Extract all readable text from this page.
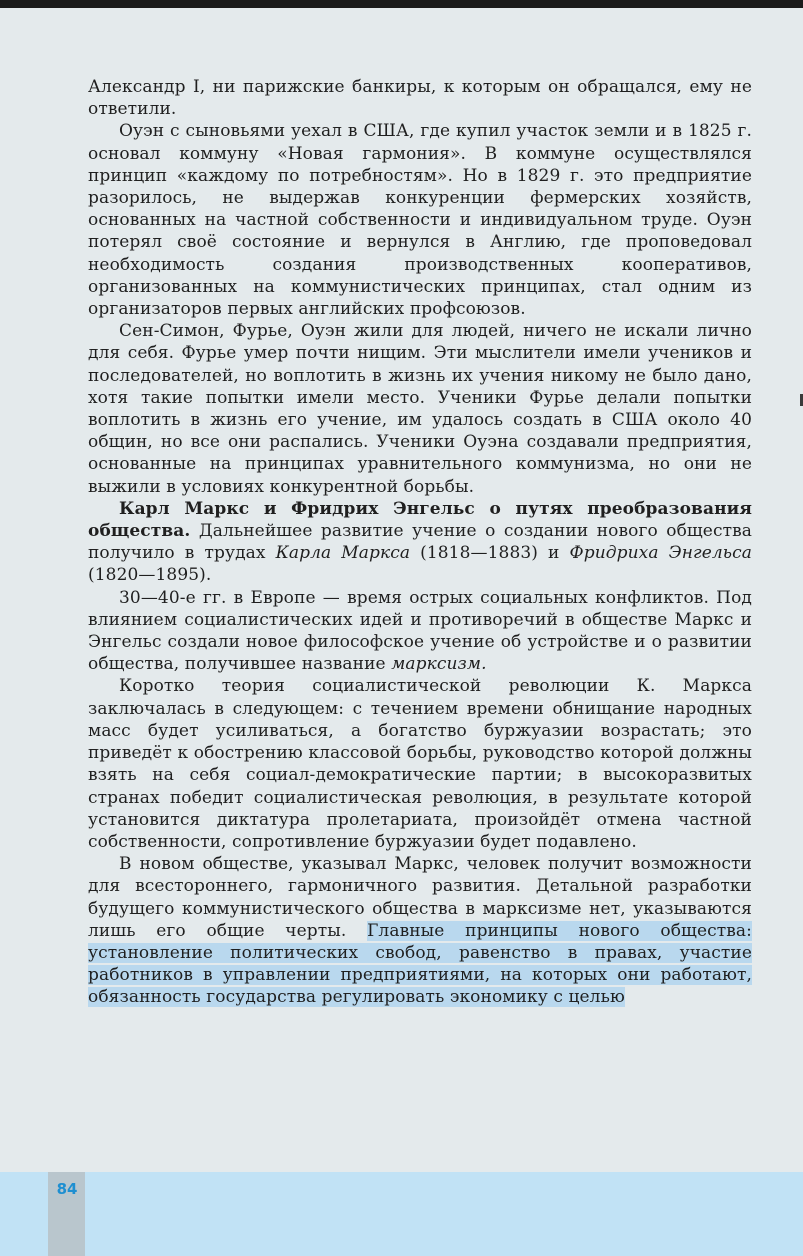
Александр I, ни парижские банкиры, к которым он обращался, ему не ответили.

Оуэн с сыновьями уехал в США, где купил участок земли и в 1825 г. основал коммуну «Новая гармония». В коммуне осуществлялся принцип «каждому по потребностям». Но в 1829 г. это предприятие разорилось, не выдержав конкуренции фермерских хозяйств, основанных на частной собственности и индивидуальном труде. Оуэн потерял своё состояние и вернулся в Англию, где проповедовал необходимость создания производственных кооперативов, организованных на коммунистических принципах, стал одним из организаторов первых английских профсоюзов.

Сен-Симон, Фурье, Оуэн жили для людей, ничего не искали лично для себя. Фурье умер почти нищим. Эти мыслители имели учеников и последователей, но воплотить в жизнь их учения никому не было дано, хотя такие попытки имели место. Ученики Фурье делали попытки воплотить в жизнь его учение, им удалось создать в США около 40 общин, но все они распались. Ученики Оуэна создавали предприятия, основанные на принципах уравнительного коммунизма, но они не выжили в условиях конкурентной борьбы.

Карл Маркс и Фридрих Энгельс о путях преобразования общества. Дальнейшее развитие учение о создании нового общества получило в трудах Карла Маркса (1818—1883) и Фридриха Энгельса (1820—1895).

30—40-е гг. в Европе — время острых социальных конфликтов. Под влиянием социалистических идей и противоречий в обществе Маркс и Энгельс создали новое философское учение об устройстве и о развитии общества, получившее название марксизм.

Коротко теория социалистической революции К. Маркса заключалась в следующем: с течением времени обнищание народных масс будет усиливаться, а богатство буржуазии возрастать; это приведёт к обострению классовой борьбы, руководство которой должны взять на себя социал-демократические партии; в высокоразвитых странах победит социалистическая революция, в результате которой установится диктатура пролетариата, произойдёт отмена частной собственности, сопротивление буржуазии будет подавлено.

В новом обществе, указывал Маркс, человек получит возможности для всестороннего, гармоничного развития. Детальной разработки будущего коммунистического общества в марксизме нет, указываются лишь его общие черты. Главные принципы нового общества: установление политических свобод, равенство в правах, участие работников в управлении предприятиями, на которых они работают, обязанность государства регулировать экономику с целью

84
